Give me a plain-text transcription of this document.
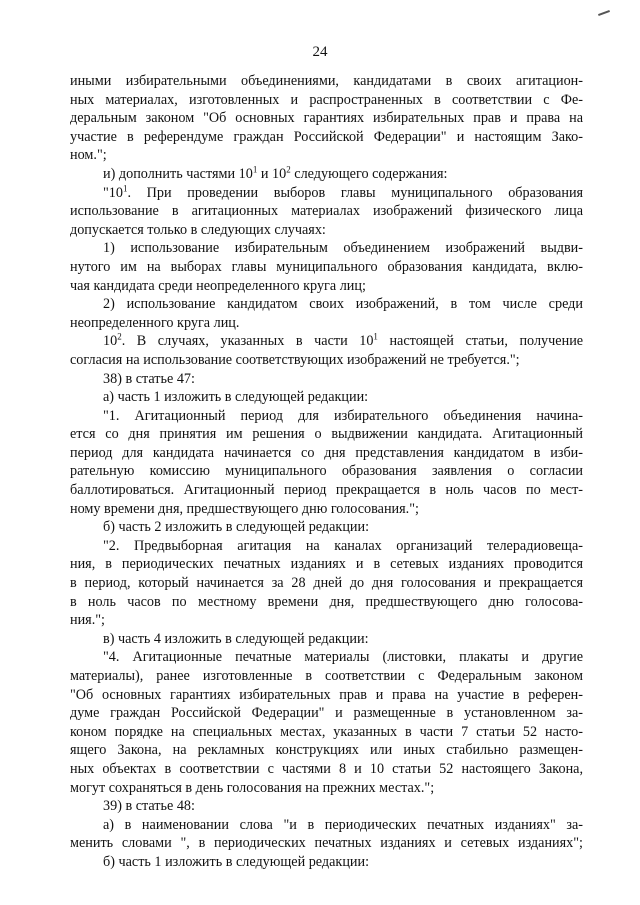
24

иными избирательными объединениями, кандидатами в своих агитацион-

ных материалах, изготовленных и распространенных в соответствии с Фе-

деральным законом "Об основных гарантиях избирательных прав и права на

участие в референдуме граждан Российской Федерации" и настоящим Зако-

ном.";

и) дополнить частями $10^1$ и $10^2$ следующего содержания:

"$10^1$. При проведении выборов главы муниципального образования

использование в агитационных материалах изображений физического лица

допускается только в следующих случаях:

1) использование избирательным объединением изображений выдви-

нутого им на выборах главы муниципального образования кандидата, вклю-

чая кандидата среди неопределенного круга лиц;

2) использование кандидатом своих изображений, в том числе среди

неопределенного круга лиц.

$10^2$. В случаях, указанных в части $10^1$ настоящей статьи, получение

согласия на использование соответствующих изображений не требуется.";

38) в статье 47:

а) часть 1 изложить в следующей редакции:

"1. Агитационный период для избирательного объединения начина-

ется со дня принятия им решения о выдвижении кандидата. Агитационный

период для кандидата начинается со дня представления кандидатом в изби-

рательную комиссию муниципального образования заявления о согласии

баллотироваться. Агитационный период прекращается в ноль часов по мест-

ному времени дня, предшествующего дню голосования.";

б) часть 2 изложить в следующей редакции:

"2. Предвыборная агитация на каналах организаций телерадиовеща-

ния, в периодических печатных изданиях и в сетевых изданиях проводится

в период, который начинается за 28 дней до дня голосования и прекращается

в ноль часов по местному времени дня, предшествующего дню голосова-

ния.";

в) часть 4 изложить в следующей редакции:

"4. Агитационные печатные материалы (листовки, плакаты и другие

материалы), ранее изготовленные в соответствии с Федеральным законом

"Об основных гарантиях избирательных прав и права на участие в референ-

думе граждан Российской Федерации" и размещенные в установленном за-

коном порядке на специальных местах, указанных в части 7 статьи 52 насто-

ящего Закона, на рекламных конструкциях или иных стабильно размещен-

ных объектах в соответствии с частями 8 и 10 статьи 52 настоящего Закона,

могут сохраняться в день голосования на прежних местах.";

39) в статье 48:

а) в наименовании слова "и в периодических печатных изданиях" за-

менить словами ", в периодических печатных изданиях и сетевых изданиях";

б) часть 1 изложить в следующей редакции:
